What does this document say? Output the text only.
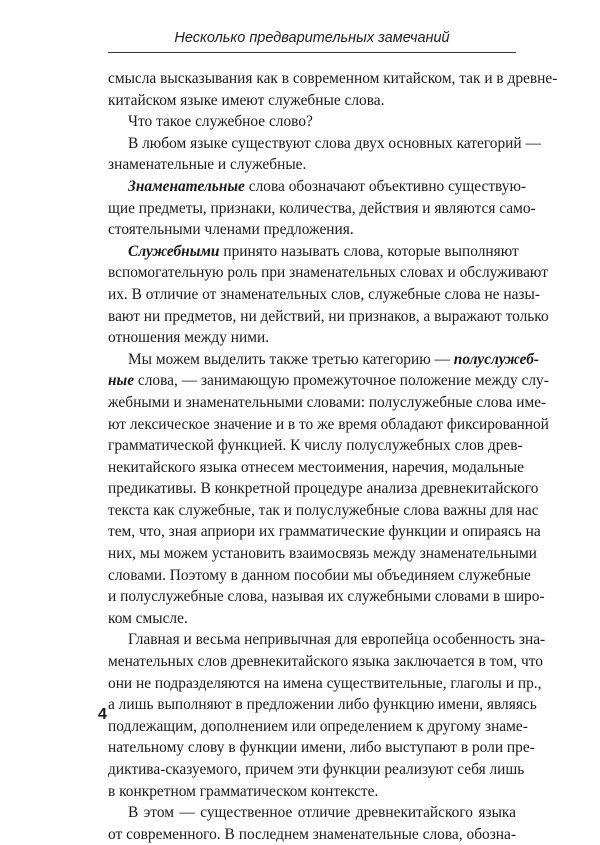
Несколько предварительных замечаний
смысла высказывания как в современном китайском, так и в древне-
китайском языке имеют служебные слова.
Что такое служебное слово?
В любом языке существуют слова двух основных категорий —
знаменательные и служебные.
Знаменательные слова обозначают объективно существую-
щие предметы, признаки, количества, действия и являются само-
стоятельными членами предложения.
Служебными принято называть слова, которые выполняют
вспомогательную роль при знаменательных словах и обслуживают
их. В отличие от знаменательных слов, служебные слова не назы-
вают ни предметов, ни действий, ни признаков, а выражают только
отношения между ними.
Мы можем выделить также третью категорию — полуслужеб-
ные слова, — занимающую промежуточное положение между слу-
жебными и знаменательными словами: полуслужебные слова име-
ют лексическое значение и в то же время обладают фиксированной
грамматической функцией. К числу полуслужебных слов древ-
некитайского языка отнесем местоимения, наречия, модальные
предикативы. В конкретной процедуре анализа древнекитайского
текста как служебные, так и полуслужебные слова важны для нас
тем, что, зная априори их грамматические функции и опираясь на
них, мы можем установить взаимосвязь между знаменательными
словами. Поэтому в данном пособии мы объединяем служебные
и полуслужебные слова, называя их служебными словами в широ-
ком смысле.
Главная и весьма непривычная для европейца особенность зна-
менательных слов древнекитайского языка заключается в том, что
они не подразделяются на имена существительные, глаголы и пр.,
а лишь выполняют в предложении либо функцию имени, являясь
подлежащим, дополнением или определением к другому знаме-
нательному слову в функции имени, либо выступают в роли пре-
диктива-сказуемого, причем эти функции реализуют себя лишь
в конкретном грамматическом контексте.
В этом — существенное отличие древнекитайского языка
от современного. В последнем знаменательные слова, обозна-
4
